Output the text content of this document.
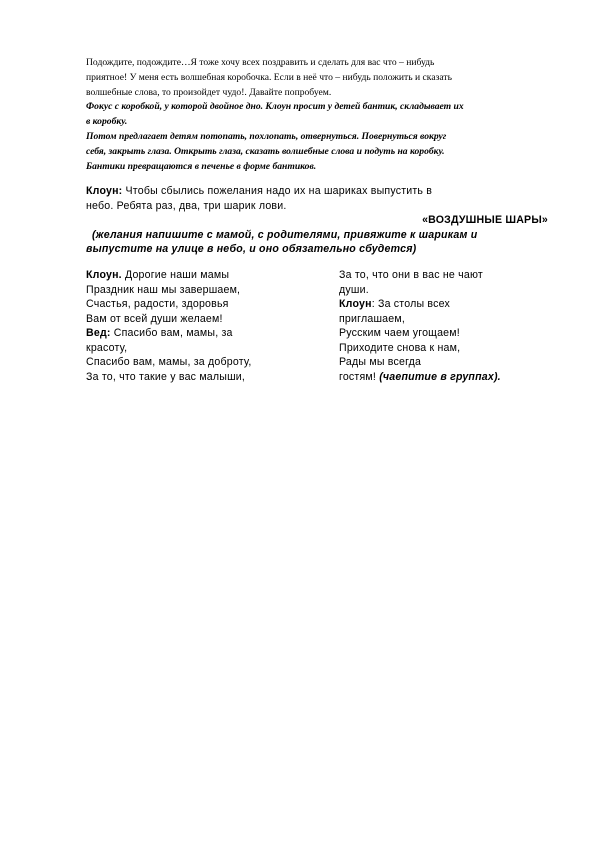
Подождите, подождите…Я тоже хочу всех поздравить и сделать для вас что – нибудь

приятное! У меня есть волшебная коробочка. Если в неё что – нибудь положить и сказать

волшебные слова, то произойдет чудо!. Давайте попробуем.

Фокус с коробкой, у которой двойное дно. Клоун просит у детей бантик, складывает их

в коробку.

Потом предлагает детям потопать, похлопать, отвернуться. Повернуться вокруг

себя, закрыть глаза. Открыть глаза, сказать волшебные слова и подуть на коробку.

Бантики превращаются в печенье в форме бантиков.

Клоун: Чтобы сбылись пожелания надо их на шариках выпустить в

небо. Ребята раз, два, три шарик лови.

«ВОЗДУШНЫЕ ШАРЫ»

(желания напишите с мамой, с родителями, привяжите к шарикам и

выпустите на улице в небо, и оно обязательно сбудется)

Клоун. Дорогие наши мамы

Праздник наш мы завершаем,

Счастья, радости, здоровья

Вам от всей души желаем!

Вед: Спасибо вам, мамы, за

красоту,

Спасибо вам, мамы, за доброту,

За то, что такие у вас малыши,

За то, что они в вас не чают

души.

Клоун: За столы всех

приглашаем,

Русским чаем угощаем!

Приходите снова к нам,

Рады мы всегда

гостям! (чаепитие в группах).
